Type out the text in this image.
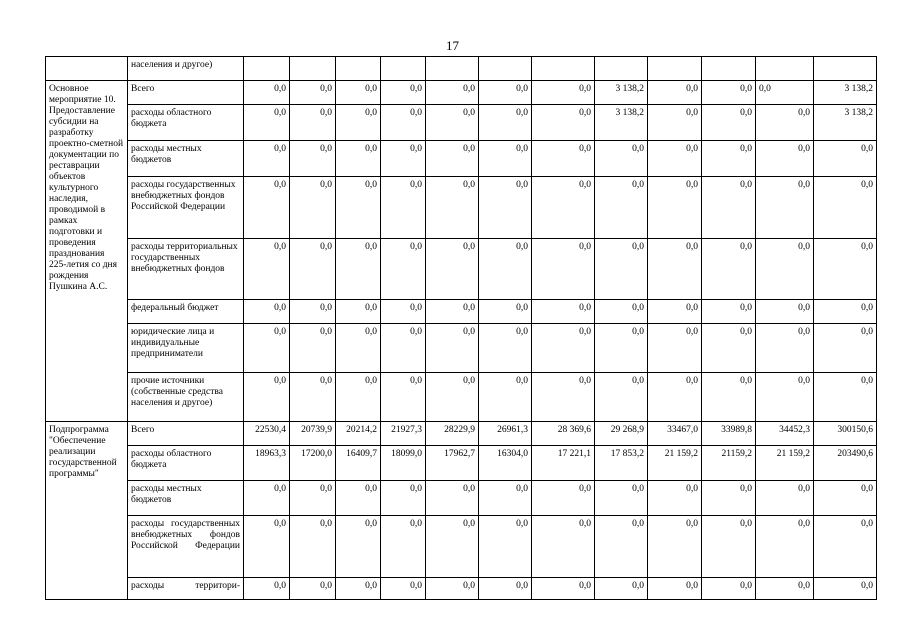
17
	населения и другое)												
Основное мероприятие 10. Предоставление субсидии на разработку проектно-сметной документации по реставрации объектов культурного наследия, проводимой в рамках подготовки и проведения празднования 225-летия со дня рождения Пушкина А.С.	Всего	0,0	0,0	0,0	0,0	0,0	0,0	0,0	3 138,2	0,0	0,0	0,0	3 138,2
	расходы областного бюджета	0,0	0,0	0,0	0,0	0,0	0,0	0,0	3 138,2	0,0	0,0	0,0	3 138,2
	расходы местных бюджетов	0,0	0,0	0,0	0,0	0,0	0,0	0,0	0,0	0,0	0,0	0,0	0,0
	расходы государственных внебюджетных фондов Российской Федерации	0,0	0,0	0,0	0,0	0,0	0,0	0,0	0,0	0,0	0,0	0,0	0,0
	расходы территориальных государственных внебюджетных фондов	0,0	0,0	0,0	0,0	0,0	0,0	0,0	0,0	0,0	0,0	0,0	0,0
	федеральный бюджет	0,0	0,0	0,0	0,0	0,0	0,0	0,0	0,0	0,0	0,0	0,0	0,0
	юридические лица и индивидуальные предприниматели	0,0	0,0	0,0	0,0	0,0	0,0	0,0	0,0	0,0	0,0	0,0	0,0
	прочие источники (собственные средства населения и другое)	0,0	0,0	0,0	0,0	0,0	0,0	0,0	0,0	0,0	0,0	0,0	0,0
Подпрограмма "Обеспечение реализации государственной программы"	Всего	22530,4	20739,9	20214,2	21927,3	28229,9	26961,3	28 369,6	29 268,9	33467,0	33989,8	34452,3	300150,6
	расходы областного бюджета	18963,3	17200,0	16409,7	18099,0	17962,7	16304,0	17 221,1	17 853,2	21 159,2	21159,2	21 159,2	203490,6
	расходы местных бюджетов	0,0	0,0	0,0	0,0	0,0	0,0	0,0	0,0	0,0	0,0	0,0	0,0
	расходы государственных внебюджетных фондов Российской Федерации	0,0	0,0	0,0	0,0	0,0	0,0	0,0	0,0	0,0	0,0	0,0	0,0
	расходы территори-	0,0	0,0	0,0	0,0	0,0	0,0	0,0	0,0	0,0	0,0	0,0	0,0
